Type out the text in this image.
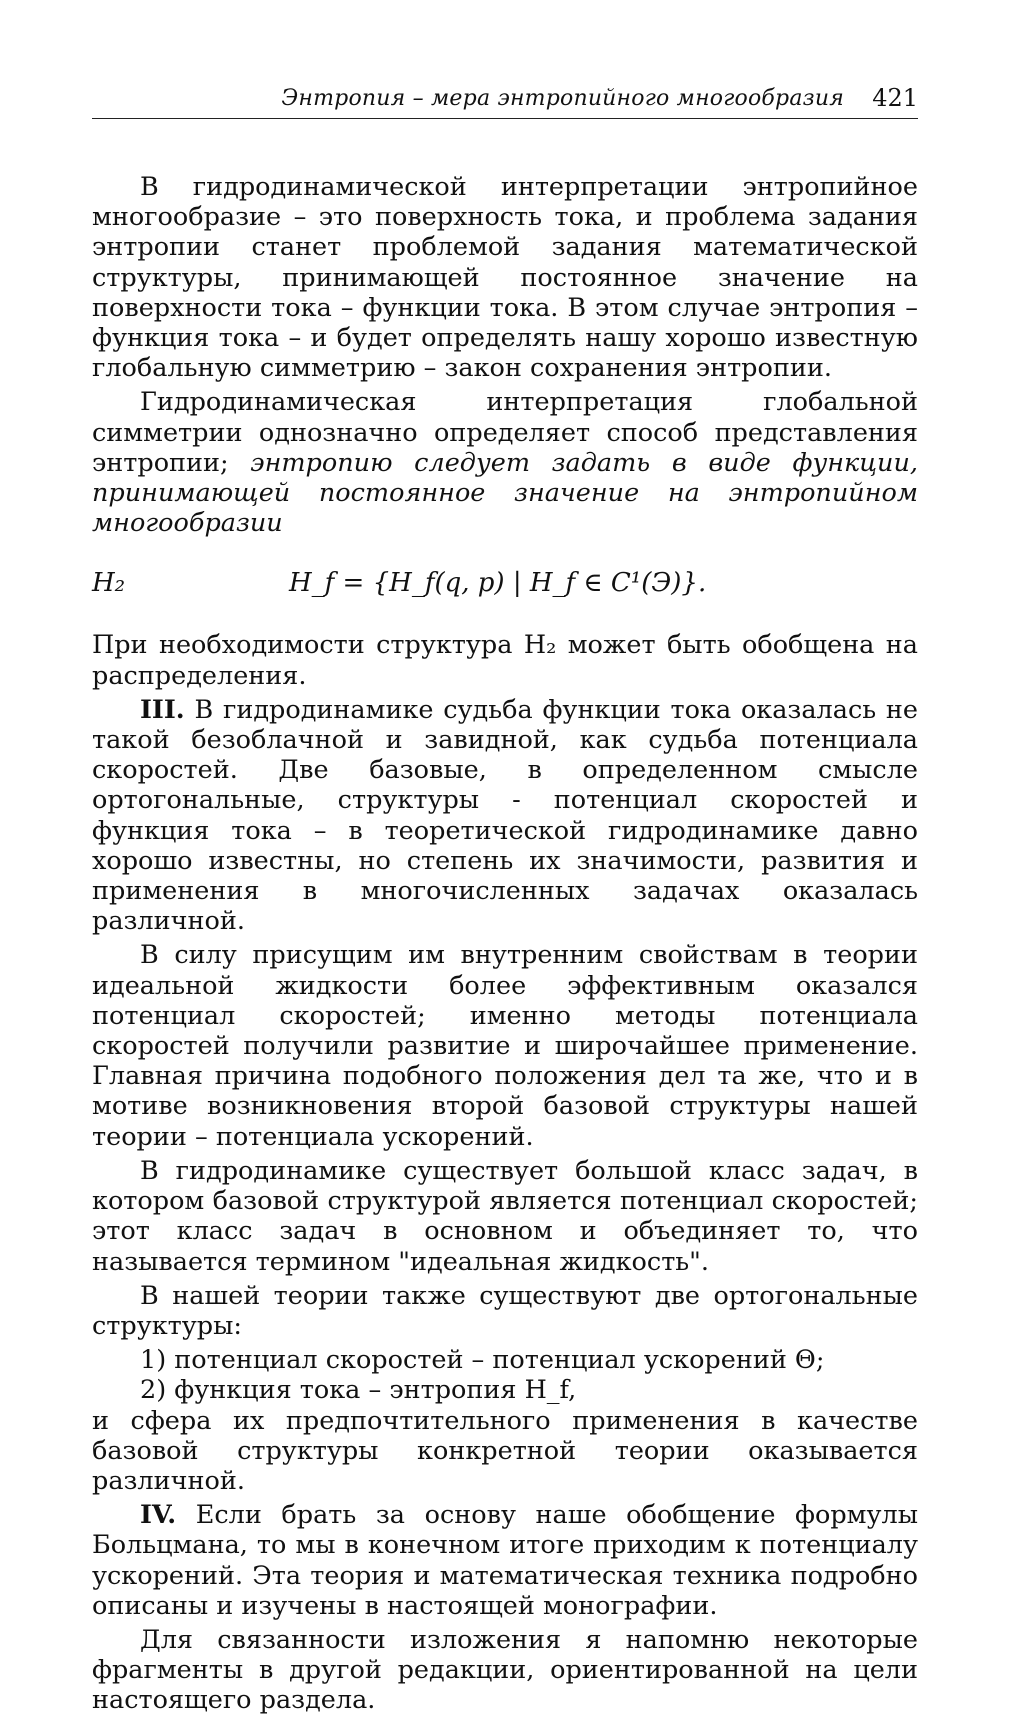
Энтропия – мера энтропийного многообразия 421

В гидродинамической интерпретации энтропийное многообразие – это поверхность тока, и проблема задания энтропии станет проблемой задания математической структуры, принимающей постоянное значение на поверхности тока – функции тока. В этом случае энтропия – функция тока – и будет определять нашу хорошо известную глобальную симметрию – закон сохранения энтропии.

Гидродинамическая интерпретация глобальной симметрии однозначно определяет способ представления энтропии; энтропию следует задать в виде функции, принимающей постоянное значение на энтропийном многообразии

H₂	H_f = {H_f(q, p) | H_f ∈ C¹(Э)}.

При необходимости структура H₂ может быть обобщена на распределения.

III. В гидродинамике судьба функции тока оказалась не такой безоблачной и завидной, как судьба потенциала скоростей. Две базовые, в определенном смысле ортогональные, структуры - потенциал скоростей и функция тока – в теоретической гидродинамике давно хорошо известны, но степень их значимости, развития и применения в многочисленных задачах оказалась различной.

В силу присущим им внутренним свойствам в теории идеальной жидкости более эффективным оказался потенциал скоростей; именно методы потенциала скоростей получили развитие и широчайшее применение. Главная причина подобного положения дел та же, что и в мотиве возникновения второй базовой структуры нашей теории – потенциала ускорений.

В гидродинамике существует большой класс задач, в котором базовой структурой является потенциал скоростей; этот класс задач в основном и объединяет то, что называется термином "идеальная жидкость".

В нашей теории также существуют две ортогональные структуры:

1) потенциал скоростей – потенциал ускорений Θ;

2) функция тока – энтропия H_f,

и сфера их предпочтительного применения в качестве базовой структуры конкретной теории оказывается различной.

IV. Если брать за основу наше обобщение формулы Больцмана, то мы в конечном итоге приходим к потенциалу ускорений. Эта теория и математическая техника подробно описаны и изучены в настоящей монографии.

Для связанности изложения я напомню некоторые фрагменты в другой редакции, ориентированной на цели настоящего раздела.
